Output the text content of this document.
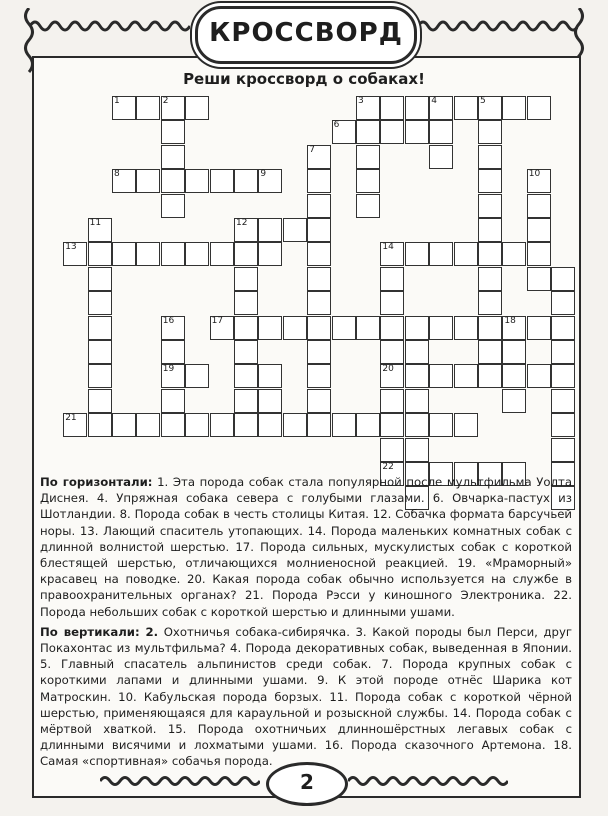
КРОССВОРД
Реши кроссворд о собаках!
1	2	3	4	5
6
8	9
12
13	14
17	18
19	20
21
22
7
10
11
16

По горизонтали: 1. Эта порода собак стала популярной после мультфильма Уолта Диснея. 4. Упряжная собака севера с голубыми глазами. 6. Овчарка-пастух из Шотландии. 8. Порода собак в честь столицы Китая. 12. Собачка формата барсучьей норы. 13. Лающий спаситель утопающих. 14. Порода маленьких комнатных собак с длинной волнистой шерстью. 17. Порода сильных, мускулистых собак с короткой блестящей шерстью, отличающихся молниеносной реакцией. 19. «Мраморный» красавец на поводке. 20. Какая порода собак обычно используется на службе в правоохранительных органах? 21. Порода Рэсси у киношного Электроника. 22. Порода небольших собак с короткой шерстью и длинными ушами.

По вертикали: 2. Охотничья собака-сибирячка. 3. Какой породы был Перси, друг Покахонтас из мультфильма? 4. Порода декоративных собак, выведенная в Японии. 5. Главный спасатель альпинистов среди собак. 7. Порода крупных собак с короткими лапами и длинными ушами. 9. К этой породе отнёс Шарика кот Матроскин. 10. Кабульская порода борзых. 11. Порода собак с короткой чёрной шерстью, применяющаяся для караульной и розыскной службы. 14. Порода собак с мёртвой хваткой. 15. Порода охотничьих длинношёрстных легавых собак с длинными висячими и лохматыми ушами. 16. Порода сказочного Артемона. 18. Самая «спортивная» собачья порода.

2
